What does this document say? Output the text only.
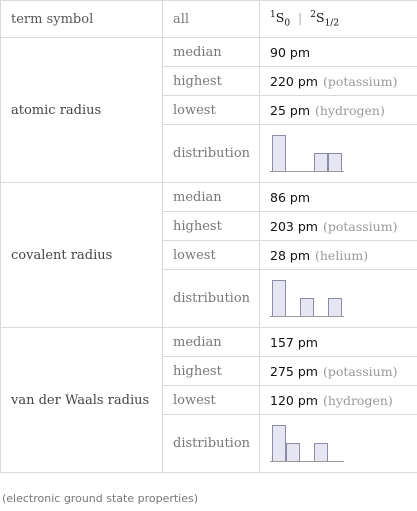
term symbol	all	$^1S_0$ | $^2S_{1/2}$
atomic radius	median	90 pm
	highest	220 pm (potassium)
	lowest	25 pm (hydrogen)
	distribution	

covalent radius	median	86 pm
	highest	203 pm (potassium)
	lowest	28 pm (helium)
	distribution	

van der Waals radius	median	157 pm
	highest	275 pm (potassium)
	lowest	120 pm (hydrogen)
	distribution	
(electronic ground state properties)
